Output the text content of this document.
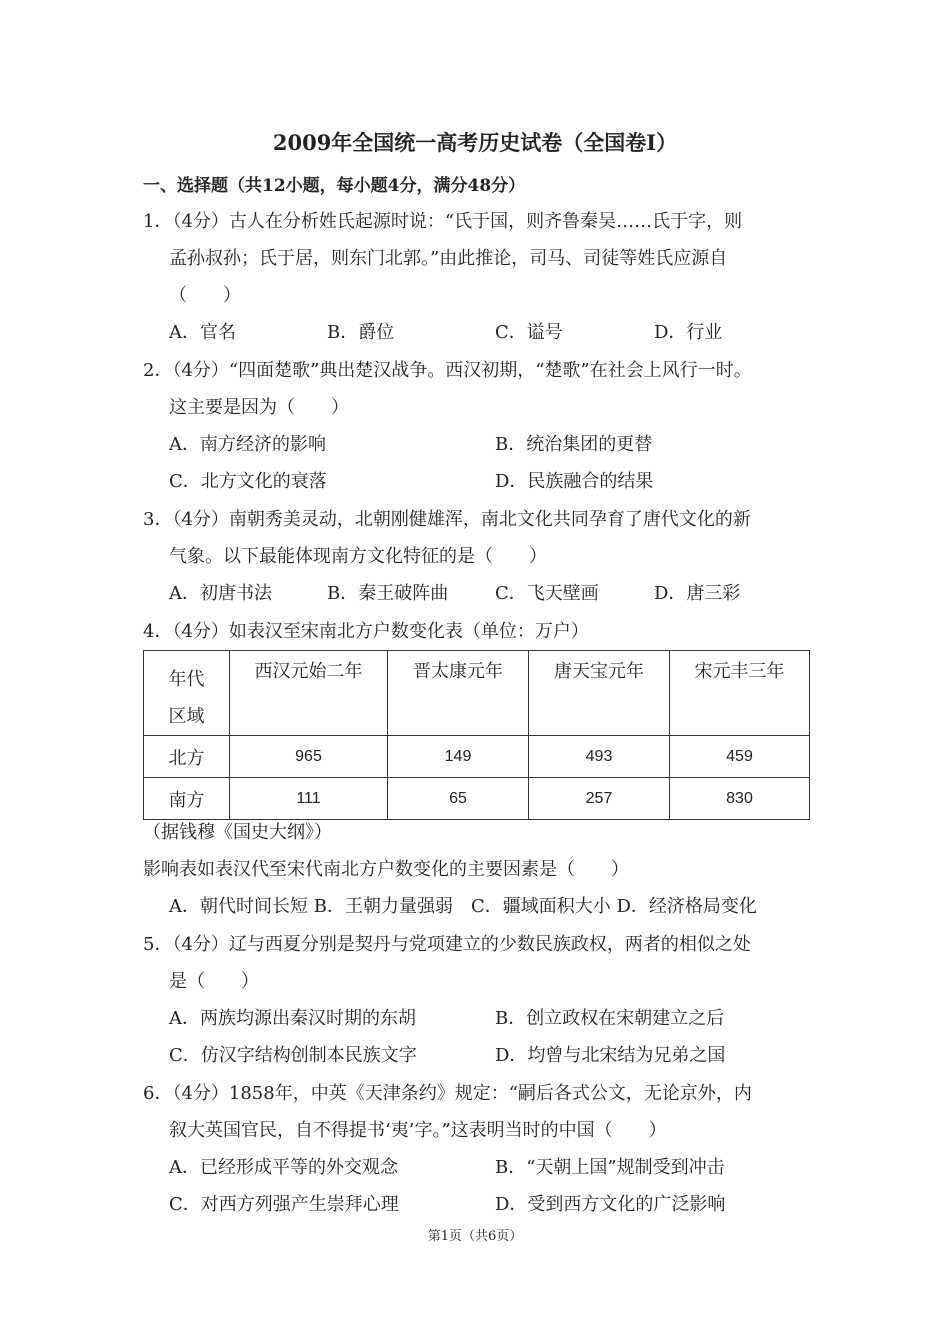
2009年全国统一高考历史试卷（全国卷I）
一、选择题（共12小题，每小题4分，满分48分）
1．（4分）古人在分析姓氏起源时说：“氏于国，则齐鲁秦吴……氏于字，则
孟孙叔孙；氏于居，则东门北郭。”由此推论，司马、司徒等姓氏应源自
（　　）
A．官名	B．爵位	C．谥号	D．行业
2．（4分）“四面楚歌”典出楚汉战争。西汉初期，“楚歌”在社会上风行一时。
这主要是因为（　　）
A．南方经济的影响	B．统治集团的更替
C．北方文化的衰落	D．民族融合的结果
3．（4分）南朝秀美灵动，北朝刚健雄浑，南北文化共同孕育了唐代文化的新
气象。以下最能体现南方文化特征的是（　　）
A．初唐书法	B．秦王破阵曲	C．飞天壁画	D．唐三彩
4．（4分）如表汉至宋南北方户数变化表（单位：万户）
年代
区域	西汉元始二年	晋太康元年	唐天宝元年	宋元丰三年
北方	965	149	493	459
南方	111	65	257	830
（据钱穆《国史大纲》）
影响表如表汉代至宋代南北方户数变化的主要因素是（　　）
A．朝代时间长短 B．王朝力量强弱　C．疆域面积大小 D．经济格局变化
5．（4分）辽与西夏分别是契丹与党项建立的少数民族政权，两者的相似之处
是（　　）
A．两族均源出秦汉时期的东胡	B．创立政权在宋朝建立之后
C．仿汉字结构创制本民族文字	D．均曾与北宋结为兄弟之国
6．（4分）1858年，中英《天津条约》规定：“嗣后各式公文，无论京外，内
叙大英国官民，自不得提书‘夷’字。”这表明当时的中国（　　）
A．已经形成平等的外交观念	B．“天朝上国”规制受到冲击
C．对西方列强产生崇拜心理	D．受到西方文化的广泛影响
第1页（共6页）
